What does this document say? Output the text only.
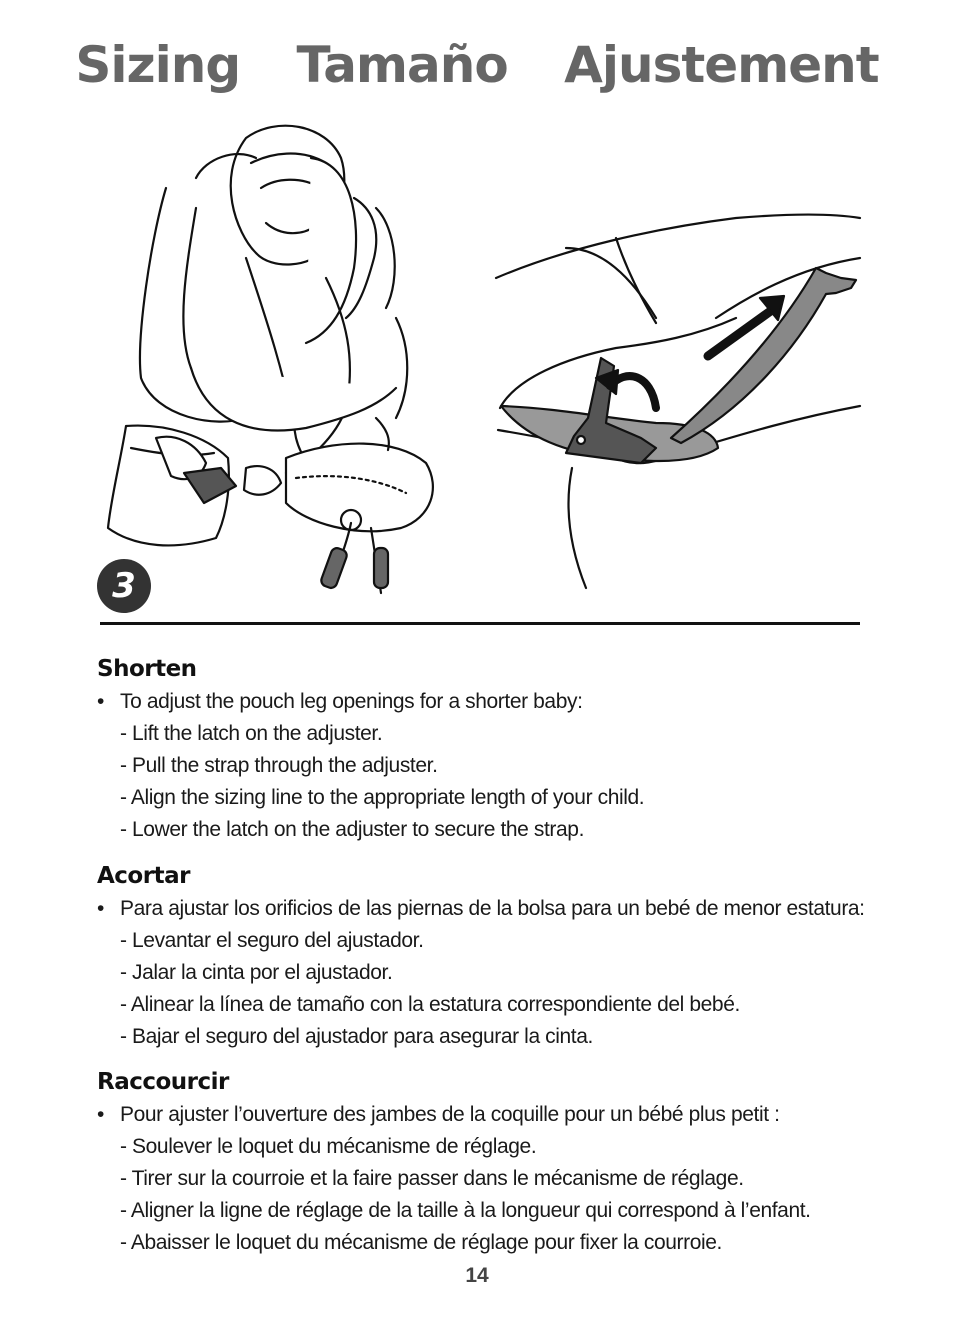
Sizing Tamaño Ajustement
3
Shorten
• To adjust the pouch leg openings for a shorter baby:
- Lift the latch on the adjuster.
- Pull the strap through the adjuster.
- Align the sizing line to the appropriate length of your child.
- Lower the latch on the adjuster to secure the strap.
Acortar
• Para ajustar los orificios de las piernas de la bolsa para un bebé de menor estatura:
- Levantar el seguro del ajustador.
- Jalar la cinta por el ajustador.
- Alinear la línea de tamaño con la estatura correspondiente del bebé.
- Bajar el seguro del ajustador para asegurar la cinta.
Raccourcir
• Pour ajuster l’ouverture des jambes de la coquille pour un bébé plus petit :
- Soulever le loquet du mécanisme de réglage.
- Tirer sur la courroie et la faire passer dans le mécanisme de réglage.
- Aligner la ligne de réglage de la taille à la longueur qui correspond à l’enfant.
- Abaisser le loquet du mécanisme de réglage pour fixer la courroie.
14
